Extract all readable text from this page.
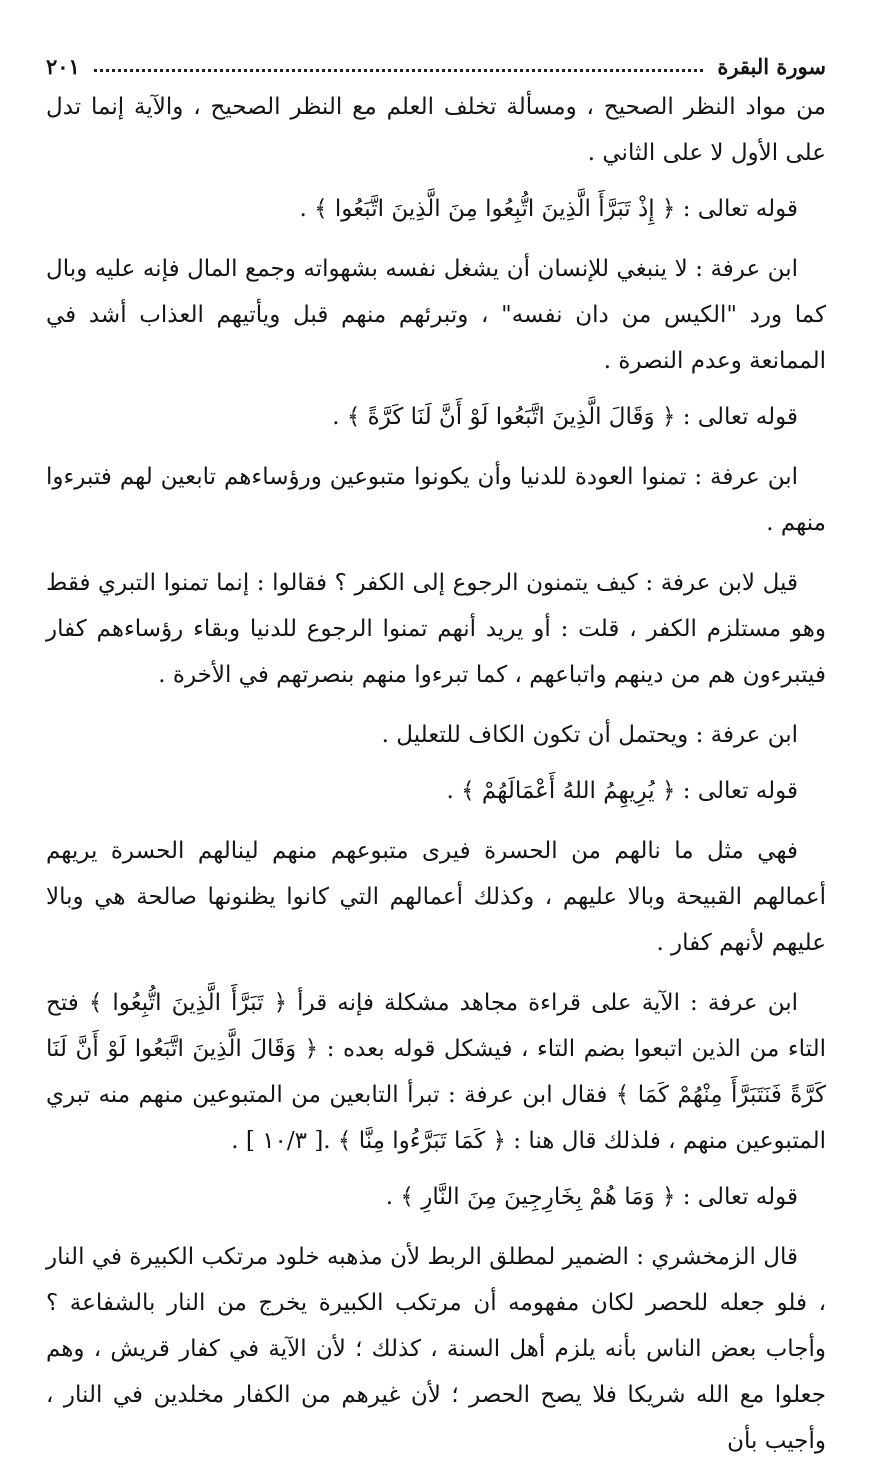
سورة البقرة
٢٠١

من مواد النظر الصحيح ، ومسألة تخلف العلم مع النظر الصحيح ، والآية إنما تدل على الأول لا على الثاني .

قوله تعالى : ﴿ إِذْ تَبَرَّأَ الَّذِينَ اتُّبِعُوا مِنَ الَّذِينَ اتَّبَعُوا ﴾ .

ابن عرفة : لا ينبغي للإنسان أن يشغل نفسه بشهواته وجمع المال فإنه عليه وبال كما ورد "الكيس من دان نفسه" ، وتبرئهم منهم قبل ويأتيهم العذاب أشد في الممانعة وعدم النصرة .

قوله تعالى : ﴿ وَقَالَ الَّذِينَ اتَّبَعُوا لَوْ أَنَّ لَنَا كَرَّةً ﴾ .

ابن عرفة : تمنوا العودة للدنيا وأن يكونوا متبوعين ورؤساءهم تابعين لهم فتبرءوا منهم .

قيل لابن عرفة : كيف يتمنون الرجوع إلى الكفر ؟ فقالوا : إنما تمنوا التبري فقط وهو مستلزم الكفر ، قلت : أو يريد أنهم تمنوا الرجوع للدنيا وبقاء رؤساءهم كفار فيتبرءون هم من دينهم واتباعهم ، كما تبرءوا منهم بنصرتهم في الأخرة .

ابن عرفة : ويحتمل أن تكون الكاف للتعليل .

قوله تعالى : ﴿ يُرِيهِمُ اللهُ أَعْمَالَهُمْ ﴾ .

فهي مثل ما نالهم من الحسرة فيرى متبوعهم منهم لينالهم الحسرة يريهم أعمالهم القبيحة وبالا عليهم ، وكذلك أعمالهم التي كانوا يظنونها صالحة هي وبالا عليهم لأنهم كفار .

ابن عرفة : الآية على قراءة مجاهد مشكلة فإنه قرأ ﴿ تَبَرَّأَ الَّذِينَ اتُّبِعُوا ﴾ فتح التاء من الذين اتبعوا بضم التاء ، فيشكل قوله بعده : ﴿ وَقَالَ الَّذِينَ اتَّبَعُوا لَوْ أَنَّ لَنَا كَرَّةً فَنَتَبَرَّأَ مِنْهُمْ كَمَا ﴾ فقال ابن عرفة : تبرأ التابعين من المتبوعين منهم منه تبري المتبوعين منهم ، فلذلك قال هنا : ﴿ كَمَا تَبَرَّءُوا مِنَّا ﴾ .[ ١٠/٣ ] .

قوله تعالى : ﴿ وَمَا هُمْ بِخَارِجِينَ مِنَ النَّارِ ﴾ .

قال الزمخشري : الضمير لمطلق الربط لأن مذهبه خلود مرتكب الكبيرة في النار ، فلو جعله للحصر لكان مفهومه أن مرتكب الكبيرة يخرج من النار بالشفاعة ؟ وأجاب بعض الناس بأنه يلزم أهل السنة ، كذلك ؛ لأن الآية في كفار قريش ، وهم جعلوا مع الله شريكا فلا يصح الحصر ؛ لأن غيرهم من الكفار مخلدين في النار ، وأجيب بأن
